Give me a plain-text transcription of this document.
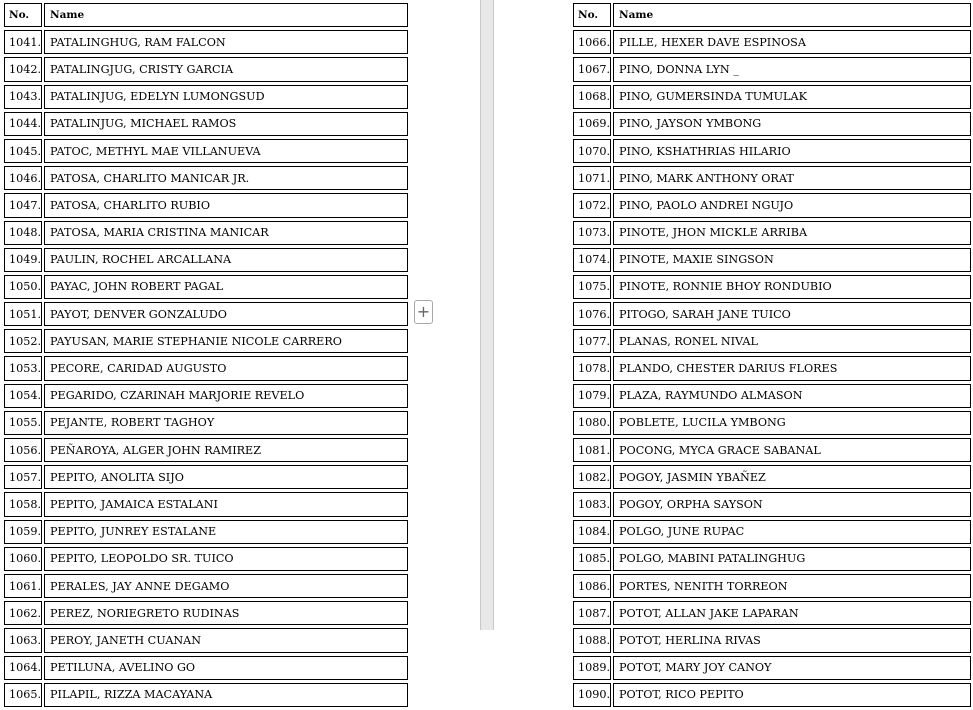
No.	Name
1041.	PATALINGHUG, RAM FALCON
1042.	PATALINGJUG, CRISTY GARCIA
1043.	PATALINJUG, EDELYN LUMONGSUD
1044.	PATALINJUG, MICHAEL RAMOS
1045.	PATOC, METHYL MAE VILLANUEVA
1046.	PATOSA, CHARLITO MANICAR JR.
1047.	PATOSA, CHARLITO RUBIO
1048.	PATOSA, MARIA CRISTINA MANICAR
1049.	PAULIN, ROCHEL ARCALLANA
1050.	PAYAC, JOHN ROBERT PAGAL
1051.	PAYOT, DENVER GONZALUDO
1052.	PAYUSAN, MARIE STEPHANIE NICOLE CARRERO
1053.	PECORE, CARIDAD AUGUSTO
1054.	PEGARIDO, CZARINAH MARJORIE REVELO
1055.	PEJANTE, ROBERT TAGHOY
1056.	PEÑAROYA, ALGER JOHN RAMIREZ
1057.	PEPITO, ANOLITA SIJO
1058.	PEPITO, JAMAICA ESTALANI
1059.	PEPITO, JUNREY ESTALANE
1060.	PEPITO, LEOPOLDO SR. TUICO
1061.	PERALES, JAY ANNE DEGAMO
1062.	PEREZ, NORIEGRETO RUDINAS
1063.	PEROY, JANETH CUANAN
1064.	PETILUNA, AVELINO GO
1065.	PILAPIL, RIZZA MACAYANA
+
No.	Name
1066.	PILLE, HEXER DAVE ESPINOSA
1067.	PINO, DONNA LYN _
1068.	PINO, GUMERSINDA TUMULAK
1069.	PINO, JAYSON YMBONG
1070.	PINO, KSHATHRIAS HILARIO
1071.	PINO, MARK ANTHONY ORAT
1072.	PINO, PAOLO ANDREI NGUJO
1073.	PINOTE, JHON MICKLE ARRIBA
1074.	PINOTE, MAXIE SINGSON
1075.	PINOTE, RONNIE BHOY RONDUBIO
1076.	PITOGO, SARAH JANE TUICO
1077.	PLANAS, RONEL NIVAL
1078.	PLANDO, CHESTER DARIUS FLORES
1079.	PLAZA, RAYMUNDO ALMASON
1080.	POBLETE, LUCILA YMBONG
1081.	POCONG, MYCA GRACE SABANAL
1082.	POGOY, JASMIN YBAÑEZ
1083.	POGOY, ORPHA SAYSON
1084.	POLGO, JUNE RUPAC
1085.	POLGO, MABINI PATALINGHUG
1086.	PORTES, NENITH TORREON
1087.	POTOT, ALLAN JAKE LAPARAN
1088.	POTOT, HERLINA RIVAS
1089.	POTOT, MARY JOY CANOY
1090.	POTOT, RICO PEPITO
